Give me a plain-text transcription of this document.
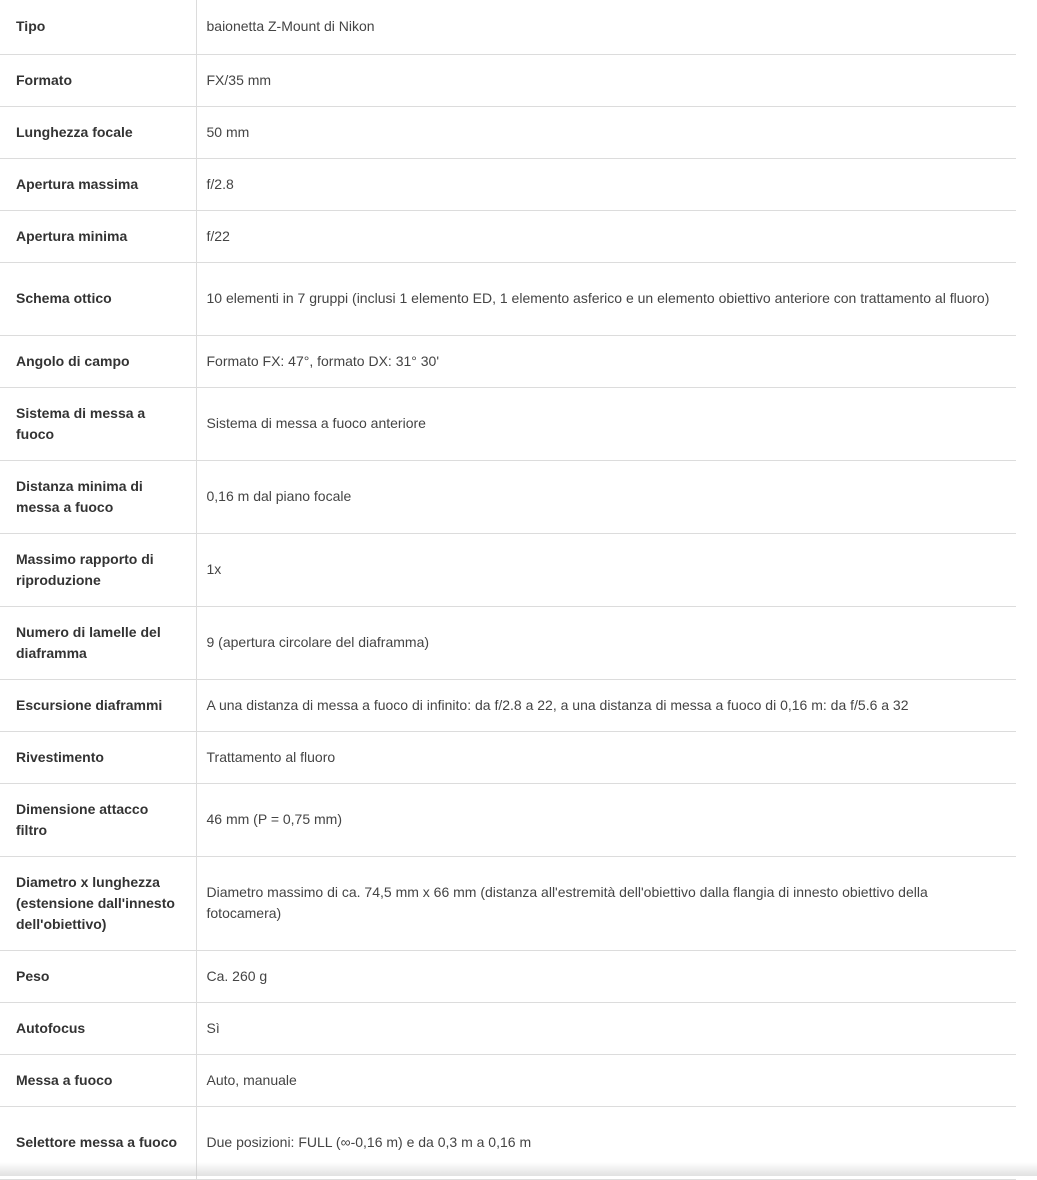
Tipo	baionetta Z-Mount di Nikon
Formato	FX/35 mm
Lunghezza focale	50 mm
Apertura massima	f/2.8
Apertura minima	f/22
Schema ottico	10 elementi in 7 gruppi (inclusi 1 elemento ED, 1 elemento asferico e un elemento obiettivo anteriore con trattamento al fluoro)
Angolo di campo	Formato FX: 47°, formato DX: 31° 30'
Sistema di messa a fuoco	Sistema di messa a fuoco anteriore
Distanza minima di messa a fuoco	0,16 m dal piano focale
Massimo rapporto di riproduzione	1x
Numero di lamelle del diaframma	9 (apertura circolare del diaframma)
Escursione diaframmi	A una distanza di messa a fuoco di infinito: da f/2.8 a 22, a una distanza di messa a fuoco di 0,16 m: da f/5.6 a 32
Rivestimento	Trattamento al fluoro
Dimensione attacco filtro	46 mm (P = 0,75 mm)
Diametro x lunghezza (estensione dall'innesto dell'obiettivo)	Diametro massimo di ca. 74,5 mm x 66 mm (distanza all'estremità dell'obiettivo dalla flangia di innesto obiettivo della fotocamera)
Peso	Ca. 260 g
Autofocus	Sì
Messa a fuoco	Auto, manuale
Selettore messa a fuoco	Due posizioni: FULL (∞-0,16 m) e da 0,3 m a 0,16 m
